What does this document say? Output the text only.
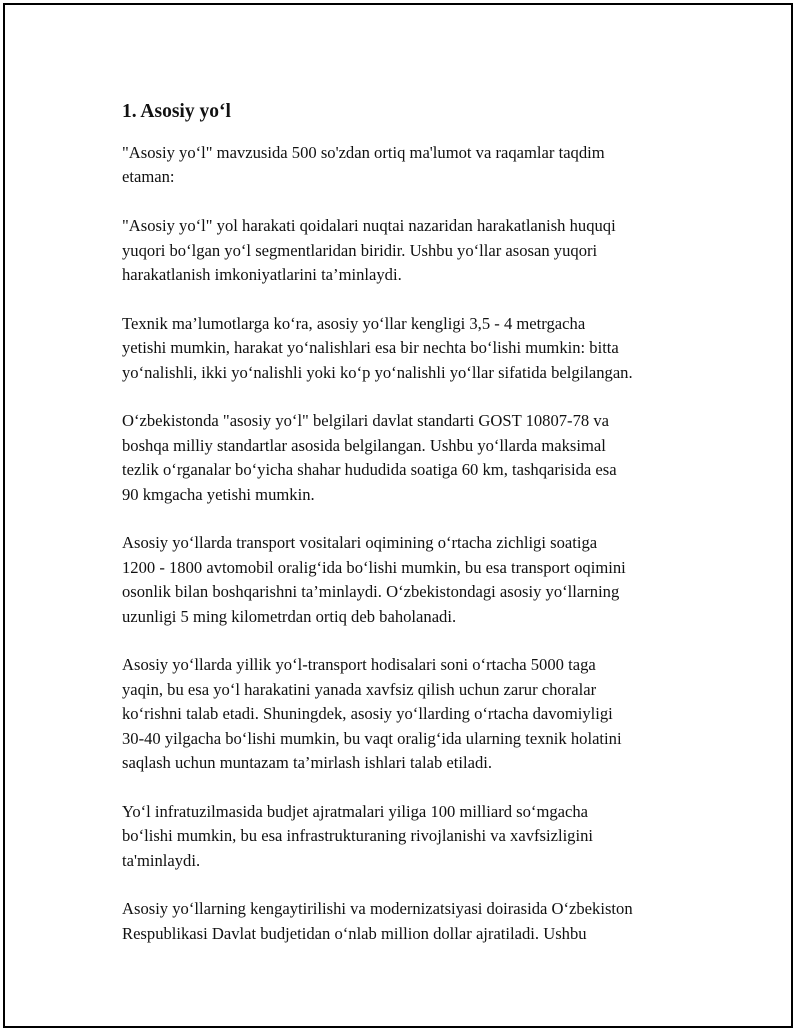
1. Asosiy yo‘l

"Asosiy yo‘l" mavzusida 500 so'zdan ortiq ma'lumot va raqamlar taqdim
etaman:

"Asosiy yo‘l" yol harakati qoidalari nuqtai nazaridan harakatlanish huquqi
yuqori bo‘lgan yo‘l segmentlaridan biridir. Ushbu yo‘llar asosan yuqori
harakatlanish imkoniyatlarini ta’minlaydi.

Texnik ma’lumotlarga ko‘ra, asosiy yo‘llar kengligi 3,5 - 4 metrgacha
yetishi mumkin, harakat yo‘nalishlari esa bir nechta bo‘lishi mumkin: bitta
yo‘nalishli, ikki yo‘nalishli yoki ko‘p yo‘nalishli yo‘llar sifatida belgilangan.

O‘zbekistonda "asosiy yo‘l" belgilari davlat standarti GOST 10807-78 va
boshqa milliy standartlar asosida belgilangan. Ushbu yo‘llarda maksimal
tezlik o‘rganalar bo‘yicha shahar hududida soatiga 60 km, tashqarisida esa
90 kmgacha yetishi mumkin.

Asosiy yo‘llarda transport vositalari oqimining o‘rtacha zichligi soatiga
1200 - 1800 avtomobil oralig‘ida bo‘lishi mumkin, bu esa transport oqimini
osonlik bilan boshqarishni ta’minlaydi. O‘zbekistondagi asosiy yo‘llarning
uzunligi 5 ming kilometrdan ortiq deb baholanadi.

Asosiy yo‘llarda yillik yo‘l-transport hodisalari soni o‘rtacha 5000 taga
yaqin, bu esa yo‘l harakatini yanada xavfsiz qilish uchun zarur choralar
ko‘rishni talab etadi. Shuningdek, asosiy yo‘llarding o‘rtacha davomiyligi
30-40 yilgacha bo‘lishi mumkin, bu vaqt oralig‘ida ularning texnik holatini
saqlash uchun muntazam ta’mirlash ishlari talab etiladi.

Yo‘l infratuzilmasida budjet ajratmalari yiliga 100 milliard so‘mgacha
bo‘lishi mumkin, bu esa infrastrukturaning rivojlanishi va xavfsizligini
ta'minlaydi.

Asosiy yo‘llarning kengaytirilishi va modernizatsiyasi doirasida O‘zbekiston
Respublikasi Davlat budjetidan o‘nlab million dollar ajratiladi. Ushbu
